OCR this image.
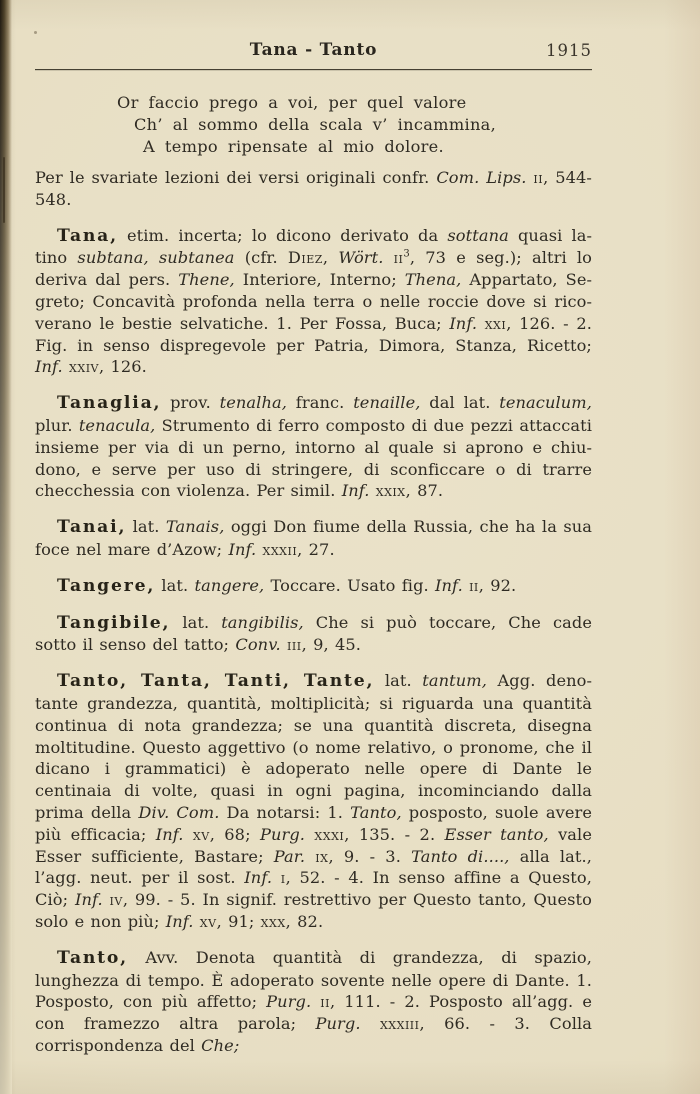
Tana - Tanto	1915
Or faccio prego a voi, per quel valore
Ch’ al sommo della scala v’ incammina,
A tempo ripensate al mio dolore.

Per le svariate lezioni dei versi originali confr. Com. Lips. ii, 544-548.

Tana, etim. incerta; lo dicono derivato da sottana quasi latino subtana, subtanea (cfr. Diez, Wört. $ii^3$, 73 e seg.); altri lo deriva dal pers. Thene, Interiore, Interno; Thena, Appartato, Segreto; Concavità profonda nella terra o nelle roccie dove si ricoverano le bestie selvatiche. 1. Per Fossa, Buca; Inf. xxi, 126. - 2. Fig. in senso dispregevole per Patria, Dimora, Stanza, Ricetto; Inf. xxiv, 126.

Tanaglia, prov. tenalha, franc. tenaille, dal lat. tenaculum, plur. tenacula, Strumento di ferro composto di due pezzi attaccati insieme per via di un perno, intorno al quale si aprono e chiudono, e serve per uso di stringere, di sconficcare o di trarre checchessia con violenza. Per simil. Inf. xxix, 87.

Tanai, lat. Tanais, oggi Don fiume della Russia, che ha la sua foce nel mare d’Azow; Inf. xxxii, 27.

Tangere, lat. tangere, Toccare. Usato fig. Inf. ii, 92.

Tangibile, lat. tangibilis, Che si può toccare, Che cade sotto il senso del tatto; Conv. iii, 9, 45.

Tanto, Tanta, Tanti, Tante, lat. tantum, Agg. denotante grandezza, quantità, moltiplicità; si riguarda una quantità continua di nota grandezza; se una quantità discreta, disegna moltitudine. Questo aggettivo (o nome relativo, o pronome, che il dicano i grammatici) è adoperato nelle opere di Dante le centinaia di volte, quasi in ogni pagina, incominciando dalla prima della Div. Com. Da notarsi: 1. Tanto, posposto, suole avere più efficacia; Inf. xv, 68; Purg. xxxi, 135. - 2. Esser tanto, vale Esser sufficiente, Bastare; Par. ix, 9. - 3. Tanto di...., alla lat., l’agg. neut. per il sost. Inf. i, 52. - 4. In senso affine a Questo, Ciò; Inf. iv, 99. - 5. In signif. restrettivo per Questo tanto, Questo solo e non più; Inf. xv, 91; xxx, 82.

Tanto, Avv. Denota quantità di grandezza, di spazio, lunghezza di tempo. È adoperato sovente nelle opere di Dante. 1. Posposto, con più affetto; Purg. ii, 111. - 2. Posposto all’agg. e con framezzo altra parola; Purg. xxxiii, 66. - 3. Colla corrispondenza del Che;
